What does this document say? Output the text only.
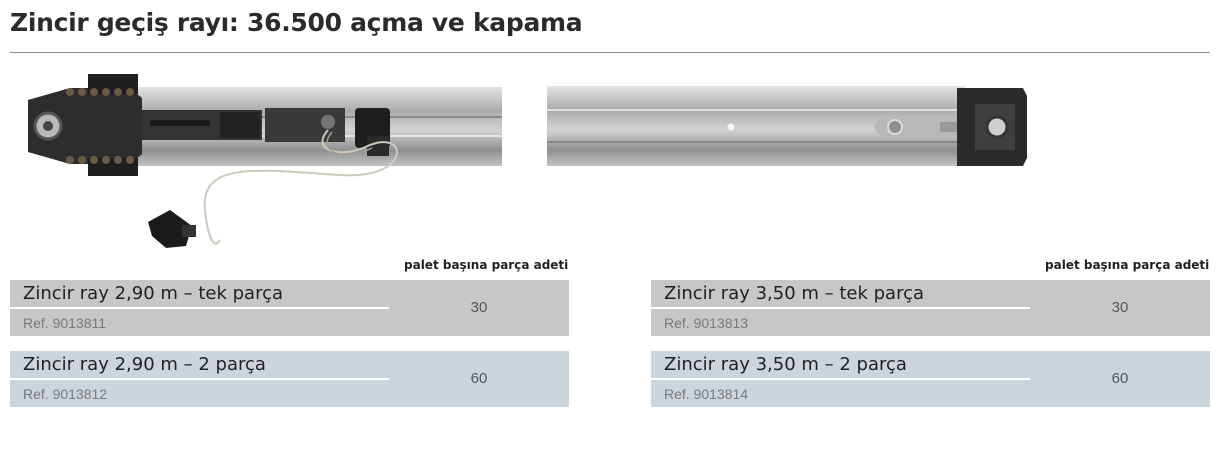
Zincir geçiş rayı: 36.500 açma ve kapama
palet başına parça adeti
Zincir ray 2,90 m – tek parça
Ref. 9013811
30
Zincir ray 2,90 m – 2 parça
Ref. 9013812
60
palet başına parça adeti
Zincir ray 3,50 m – tek parça
Ref. 9013813
30
Zincir ray 3,50 m – 2 parça
Ref. 9013814
60
